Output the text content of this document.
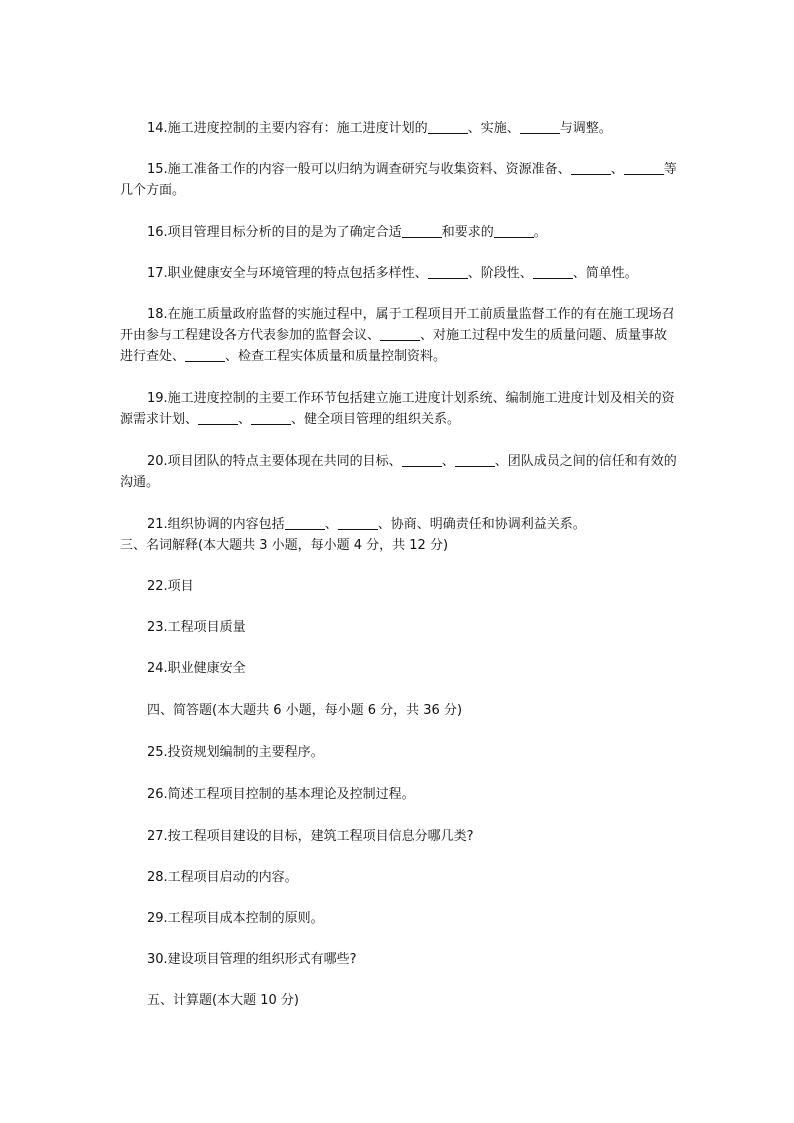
14.施工进度控制的主要内容有：施工进度计划的	、实施、	与调整。

15.施工准备工作的内容一般可以归纳为调查研究与收集资料、资源准备、	、	等几个方面。

16.项目管理目标分析的目的是为了确定合适	和要求的	。

17.职业健康安全与环境管理的特点包括多样性、	、阶段性、	、简单性。

18.在施工质量政府监督的实施过程中，属于工程项目开工前质量监督工作的有在施工现场召开由参与工程建设各方代表参加的监督会议、	、对施工过程中发生的质量问题、质量事故进行查处、	、检查工程实体质量和质量控制资料。

19.施工进度控制的主要工作环节包括建立施工进度计划系统、编制施工进度计划及相关的资源需求计划、	、	、健全项目管理的组织关系。

20.项目团队的特点主要体现在共同的目标、	、	、团队成员之间的信任和有效的沟通。

21.组织协调的内容包括	、	、协商、明确责任和协调利益关系。

三、名词解释(本大题共 3 小题，每小题 4 分，共 12 分)

22.项目

23.工程项目质量

24.职业健康安全

四、简答题(本大题共 6 小题，每小题 6 分，共 36 分)

25.投资规划编制的主要程序。

26.简述工程项目控制的基本理论及控制过程。

27.按工程项目建设的目标，建筑工程项目信息分哪几类?

28.工程项目启动的内容。

29.工程项目成本控制的原则。

30.建设项目管理的组织形式有哪些?

五、计算题(本大题 10 分)
